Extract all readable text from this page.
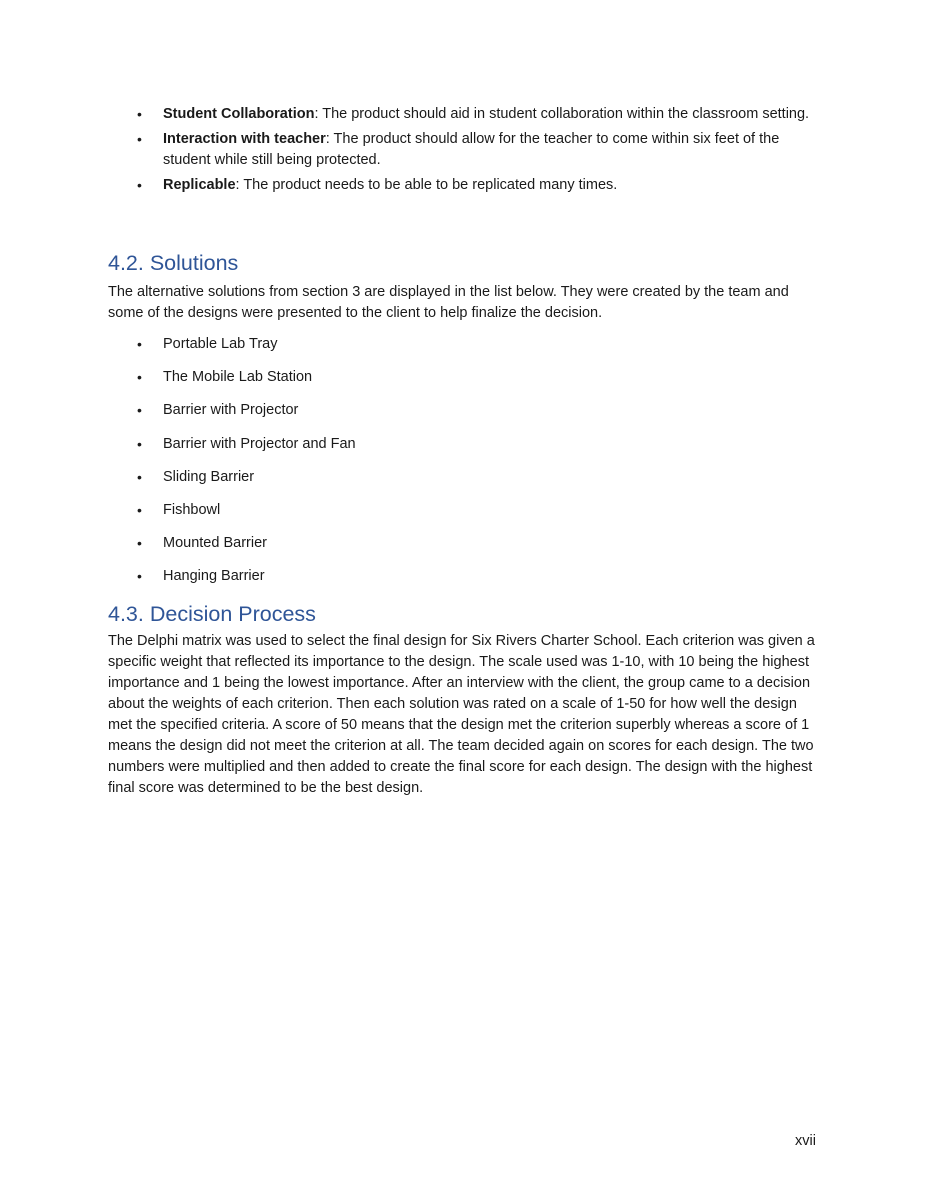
• Student Collaboration: The product should aid in student collaboration within the classroom setting.
• Interaction with teacher: The product should allow for the teacher to come within six feet of the student while still being protected.
• Replicable: The product needs to be able to be replicated many times.
4.2. Solutions

The alternative solutions from section 3 are displayed in the list below. They were created by the team and some of the designs were presented to the client to help finalize the decision.

• Portable Lab Tray
• The Mobile Lab Station
• Barrier with Projector
• Barrier with Projector and Fan
• Sliding Barrier
• Fishbowl
• Mounted Barrier
• Hanging Barrier
4.3. Decision Process

The Delphi matrix was used to select the final design for Six Rivers Charter School. Each criterion was given a specific weight that reflected its importance to the design. The scale used was 1-10, with 10 being the highest importance and 1 being the lowest importance. After an interview with the client, the group came to a decision about the weights of each criterion. Then each solution was rated on a scale of 1-50 for how well the design met the specified criteria. A score of 50 means that the design met the criterion superbly whereas a score of 1 means the design did not meet the criterion at all. The team decided again on scores for each design. The two numbers were multiplied and then added to create the final score for each design. The design with the highest final score was determined to be the best design.

xvii
